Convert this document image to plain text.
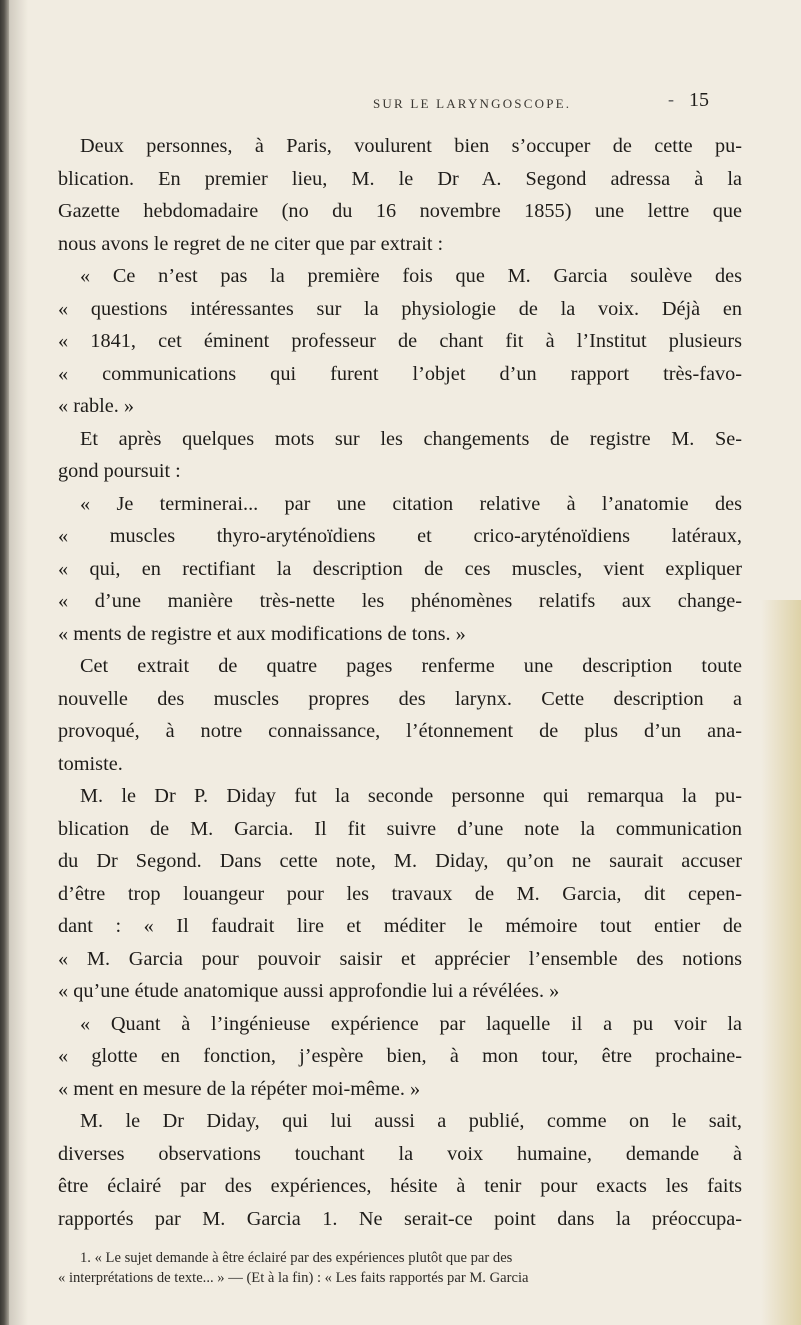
SUR LE LARYNGOSCOPE.	- 15

Deux personnes, à Paris, voulurent bien s’occuper de cette pu-
blication. En premier lieu, M. le Dr A. Segond adressa à la
Gazette hebdomadaire (no du 16 novembre 1855) une lettre que
nous avons le regret de ne citer que par extrait :

« Ce n’est pas la première fois que M. Garcia soulève des
« questions intéressantes sur la physiologie de la voix. Déjà en
« 1841, cet éminent professeur de chant fit à l’Institut plusieurs
« communications qui furent l’objet d’un rapport très-favo-
« rable. »

Et après quelques mots sur les changements de registre M. Se-
gond poursuit :

« Je terminerai... par une citation relative à l’anatomie des
« muscles thyro-aryténoïdiens et crico-aryténoïdiens latéraux,
« qui, en rectifiant la description de ces muscles, vient expliquer
« d’une manière très-nette les phénomènes relatifs aux change-
« ments de registre et aux modifications de tons. »

Cet extrait de quatre pages renferme une description toute
nouvelle des muscles propres des larynx. Cette description a
provoqué, à notre connaissance, l’étonnement de plus d’un ana-
tomiste.

M. le Dr P. Diday fut la seconde personne qui remarqua la pu-
blication de M. Garcia. Il fit suivre d’une note la communication
du Dr Segond. Dans cette note, M. Diday, qu’on ne saurait accuser
d’être trop louangeur pour les travaux de M. Garcia, dit cepen-
dant : « Il faudrait lire et méditer le mémoire tout entier de
« M. Garcia pour pouvoir saisir et apprécier l’ensemble des notions
« qu’une étude anatomique aussi approfondie lui a révélées. »

« Quant à l’ingénieuse expérience par laquelle il a pu voir la
« glotte en fonction, j’espère bien, à mon tour, être prochaine-
« ment en mesure de la répéter moi-même. »

M. le Dr Diday, qui lui aussi a publié, comme on le sait,
diverses observations touchant la voix humaine, demande à
être éclairé par des expériences, hésite à tenir pour exacts les faits
rapportés par M. Garcia 1. Ne serait-ce point dans la préoccupa-

1. « Le sujet demande à être éclairé par des expériences plutôt que par des
« interprétations de texte... » — (Et à la fin) : « Les faits rapportés par M. Garcia
